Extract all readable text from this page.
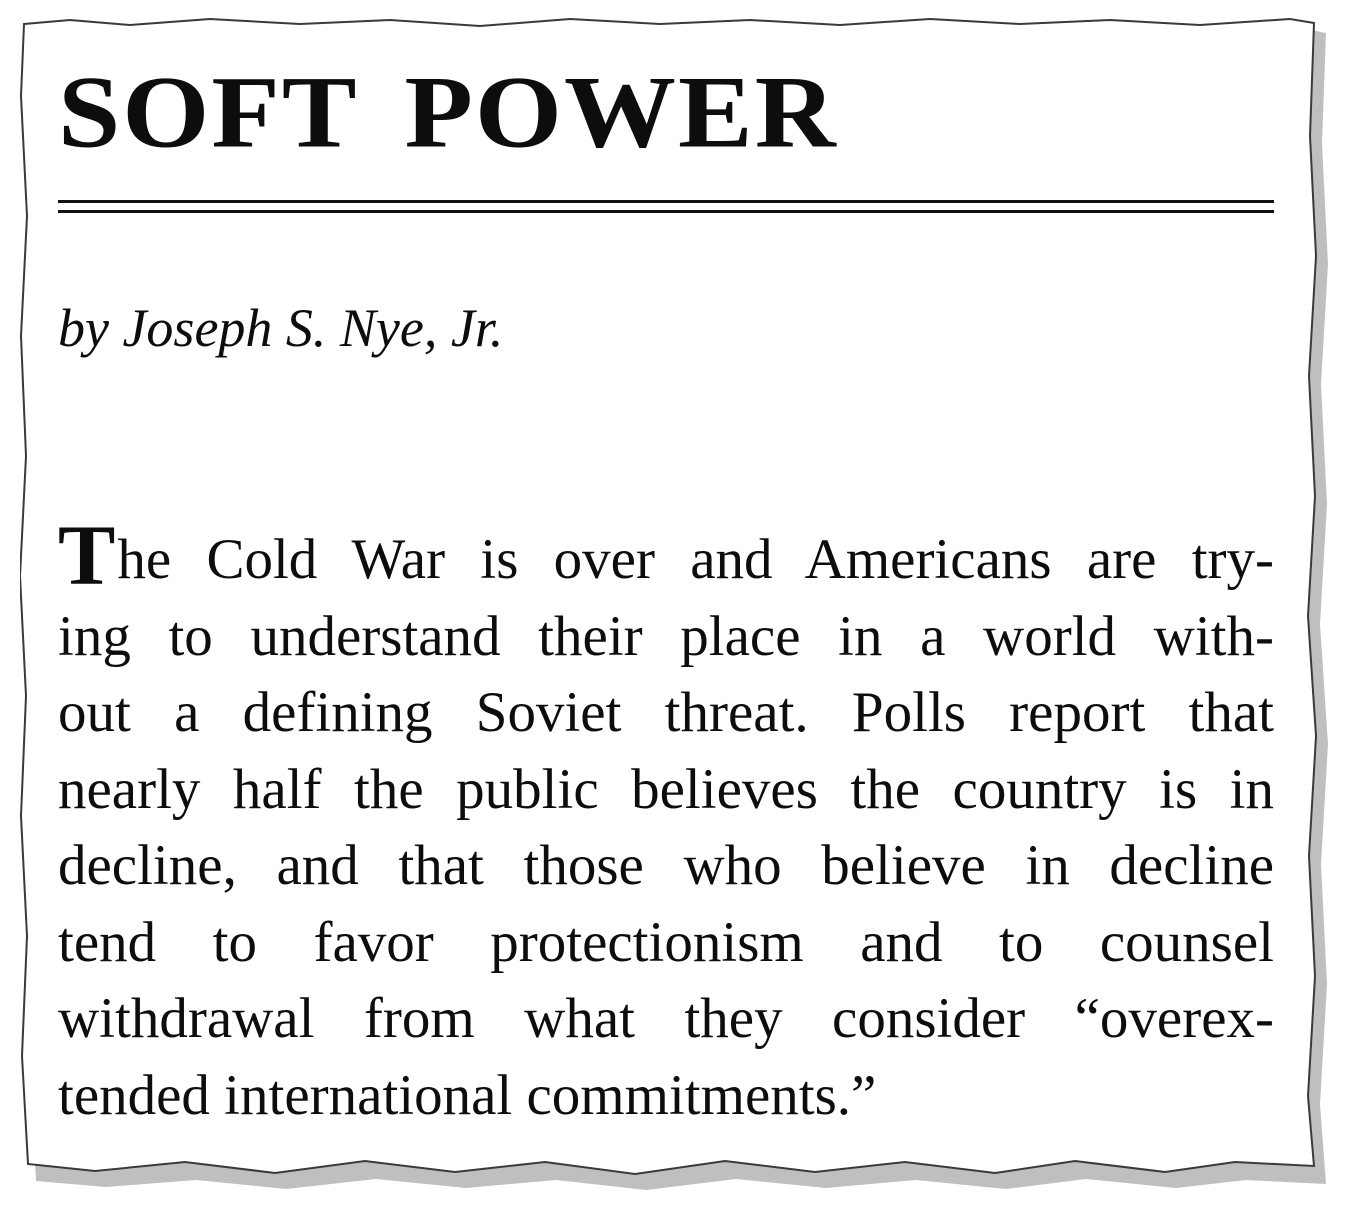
SOFT POWER

by Joseph S. Nye, Jr.

The Cold War is over and Americans are try-
ing to understand their place in a world with-
out a defining Soviet threat. Polls report that
nearly half the public believes the country is in
decline, and that those who believe in decline
tend to favor protectionism and to counsel
withdrawal from what they consider “overex-
tended international commitments.”
